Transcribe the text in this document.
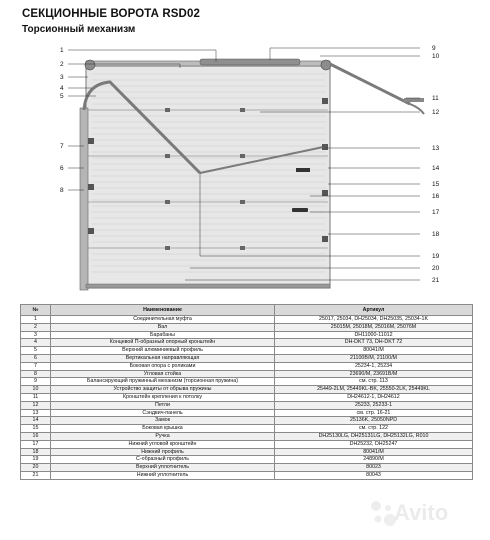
СЕКЦИОННЫЕ ВОРОТА RSD02
Торсионный механизм
1
2
3
4
5
7
6
8
9
10
11
12
13
14
15
16
17
18
19
20
21
№	Наименование	Артикул
1	Соединительная муфта	25017, 25034, DH25034, DH25035, 25034-1K
2	Вал	25015M, 25018M, 25016M, 25076M
3	Барабаны	DH11000-11012
4	Концевой П-образный опорный кронштейн	DH-DKT 73, DH-DKT 72
5	Верхний алюминиевый профиль	80041/M
6	Вертикальная направляющая	21100В/M, 21100/M
7	Боковая опора с роликами	25234-1, 25234
8	Угловая стойка	23690/M, 23691B/M
9	Балансирующий пружинный механизм (торсионная пружина)	см. стр. 113
10	Устройство защиты от обрыва пружины	25449-2LM, 25449KL-BK, 25550-2LK, 25449KL
11	Кронштейн крепления к потолку	DH24612-1, DH24612
12	Петли	25233, 25233-1
13	Сэндвич-панель	см. стр. 16-21
14	Замок	25136K, 25050NPD
15	Боковая крышка	см. стр. 122
16	Ручка	DH25130LG, DH25131LG, DH25132LG, R010
17	Нижний угловой кронштейн	DH25232, DH25247
18	Нижний профиль	80041/M
19	C-образный профиль	24890/M
20	Верхний уплотнитель	80023
21	Нижний уплотнитель	80043
Avito
